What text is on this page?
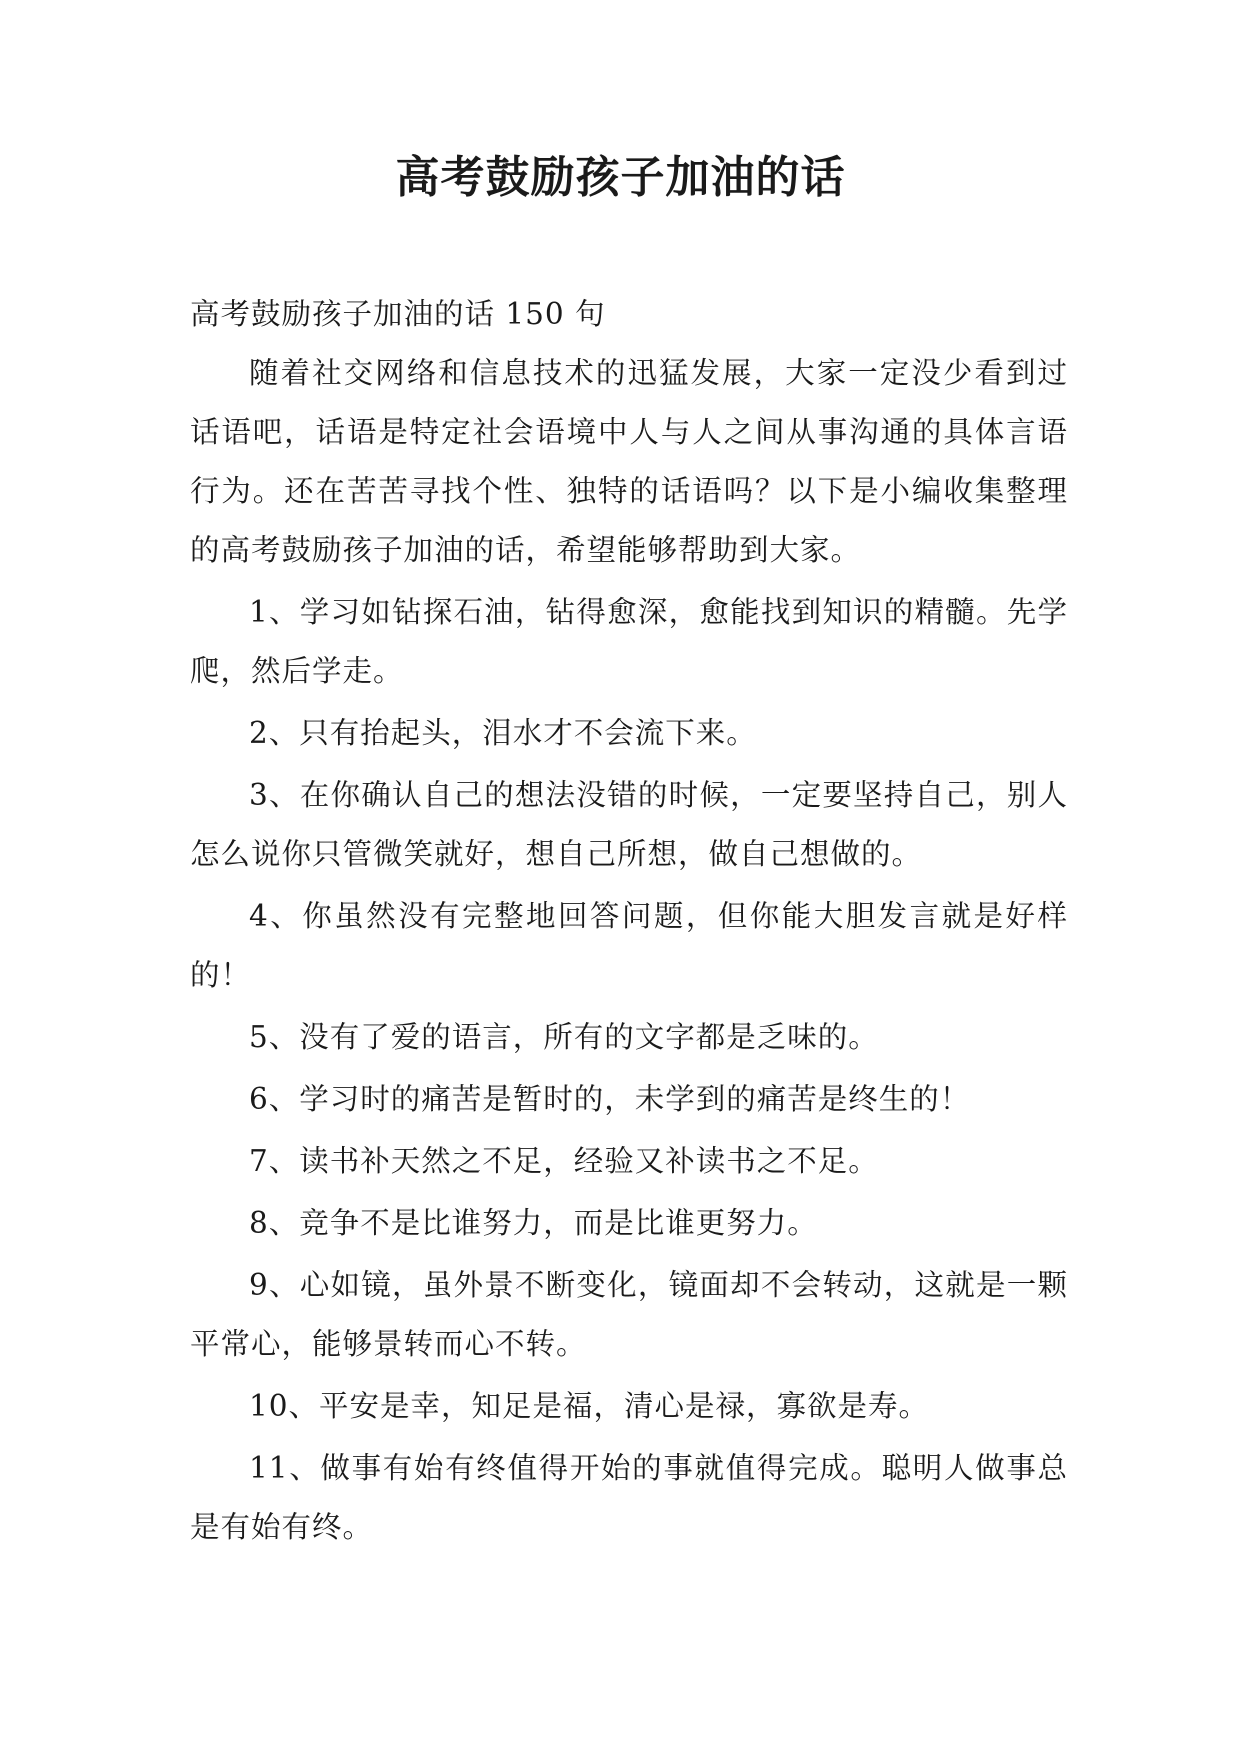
高考鼓励孩子加油的话

高考鼓励孩子加油的话 150 句

随着社交网络和信息技术的迅猛发展，大家一定没少看到过话语吧，话语是特定社会语境中人与人之间从事沟通的具体言语行为。还在苦苦寻找个性、独特的话语吗？以下是小编收集整理的高考鼓励孩子加油的话，希望能够帮助到大家。

1、学习如钻探石油，钻得愈深，愈能找到知识的精髓。先学爬，然后学走。

2、只有抬起头，泪水才不会流下来。

3、在你确认自己的想法没错的时候，一定要坚持自己，别人怎么说你只管微笑就好，想自己所想，做自己想做的。

4、你虽然没有完整地回答问题，但你能大胆发言就是好样的！

5、没有了爱的语言，所有的文字都是乏味的。

6、学习时的痛苦是暂时的，未学到的痛苦是终生的！

7、读书补天然之不足，经验又补读书之不足。

8、竞争不是比谁努力，而是比谁更努力。

9、心如镜，虽外景不断变化，镜面却不会转动，这就是一颗平常心，能够景转而心不转。

10、平安是幸，知足是福，清心是禄，寡欲是寿。

11、做事有始有终值得开始的事就值得完成。聪明人做事总是有始有终。
